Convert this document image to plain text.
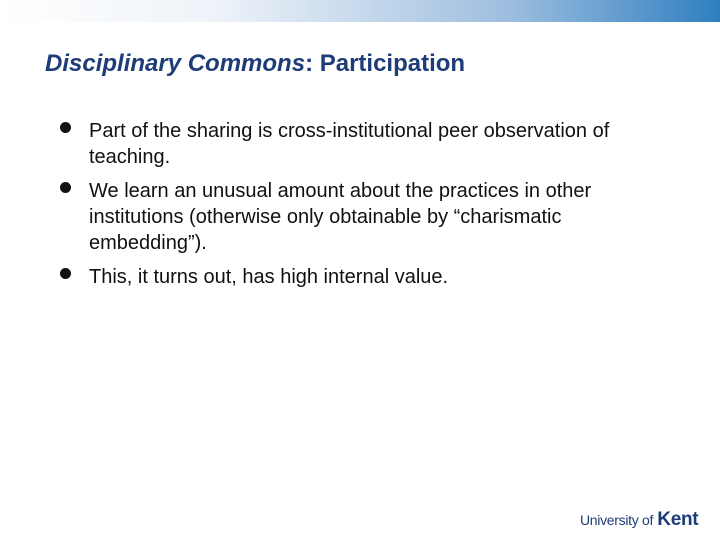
Disciplinary Commons: Participation
Part of the sharing is cross-institutional peer observation of teaching.
We learn an unusual amount about the practices in other institutions (otherwise only obtainable by “charismatic embedding”).
This, it turns out, has high internal value.
University of Kent
